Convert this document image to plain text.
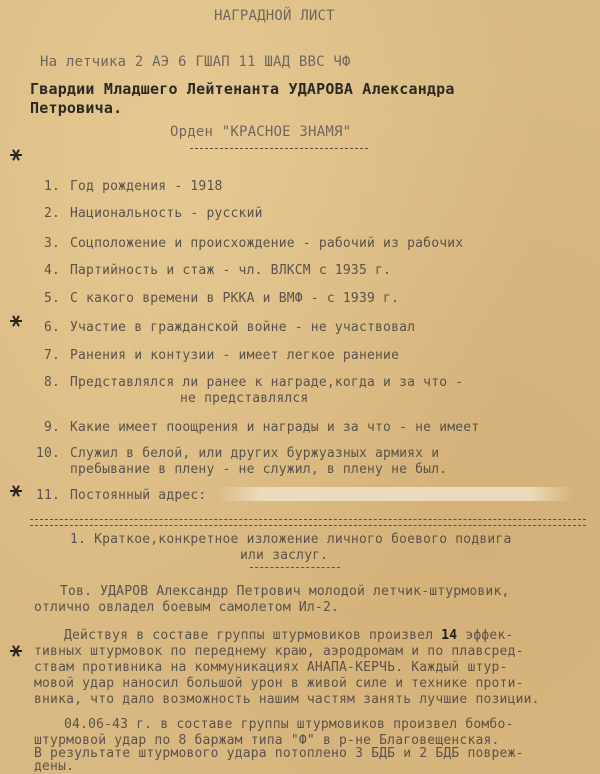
НАГРАДНОЙ ЛИСТ
На летчика 2 АЭ 6 ГШАП 11 ШАД ВВС ЧФ
Гвардии Младшего Лейтенанта УДАРОВА Александра
Петровича.
Орден "КРАСНОЕ ЗНАМЯ"
1. Год рождения - 1918
2. Национальность - русский
3. Соцположение и происхождение - рабочий из рабочих
4. Партийность и стаж - чл. ВЛКСМ с 1935 г.
5. С какого времени в РККА и ВМФ - с 1939 г.
6. Участие в гражданской войне - не участвовал
7. Ранения и контузии - имеет легкое ранение
8. Представлялся ли ранее к награде,когда и за что -
не представлялся
9. Какие имеет поощрения и награды и за что - не имеет
10. Служил в белой, или других буржуазных армиях и
пребывание в плену - не служил, в плену не был.
11. Постоянный адрес:
1. Краткое,конкретное изложение личного боевого подвига
или заслуг.
Тов. УДАРОВ Александр Петрович молодой летчик-штурмовик,
отлично овладел боевым самолетом Ил-2.
Действуя в составе группы штурмовиков произвел 14 эффек-
тивных штурмовок по переднему краю, аэродромам и по плавсред-
ствам противника на коммуникациях АНАПА-КЕРЧЬ. Каждый штур-
мовой удар наносил большой урон в живой силе и технике проти-
вника, что дало возможность нашим частям занять лучшие позиции.
04.06-43 г. в составе группы штурмовиков произвел бомбо-
штурмовой удар по 8 баржам типа "Ф" в р-не Благовещенская.
В результате штурмового удара потоплено 3 БДБ и 2 БДБ повреж-
дены.
